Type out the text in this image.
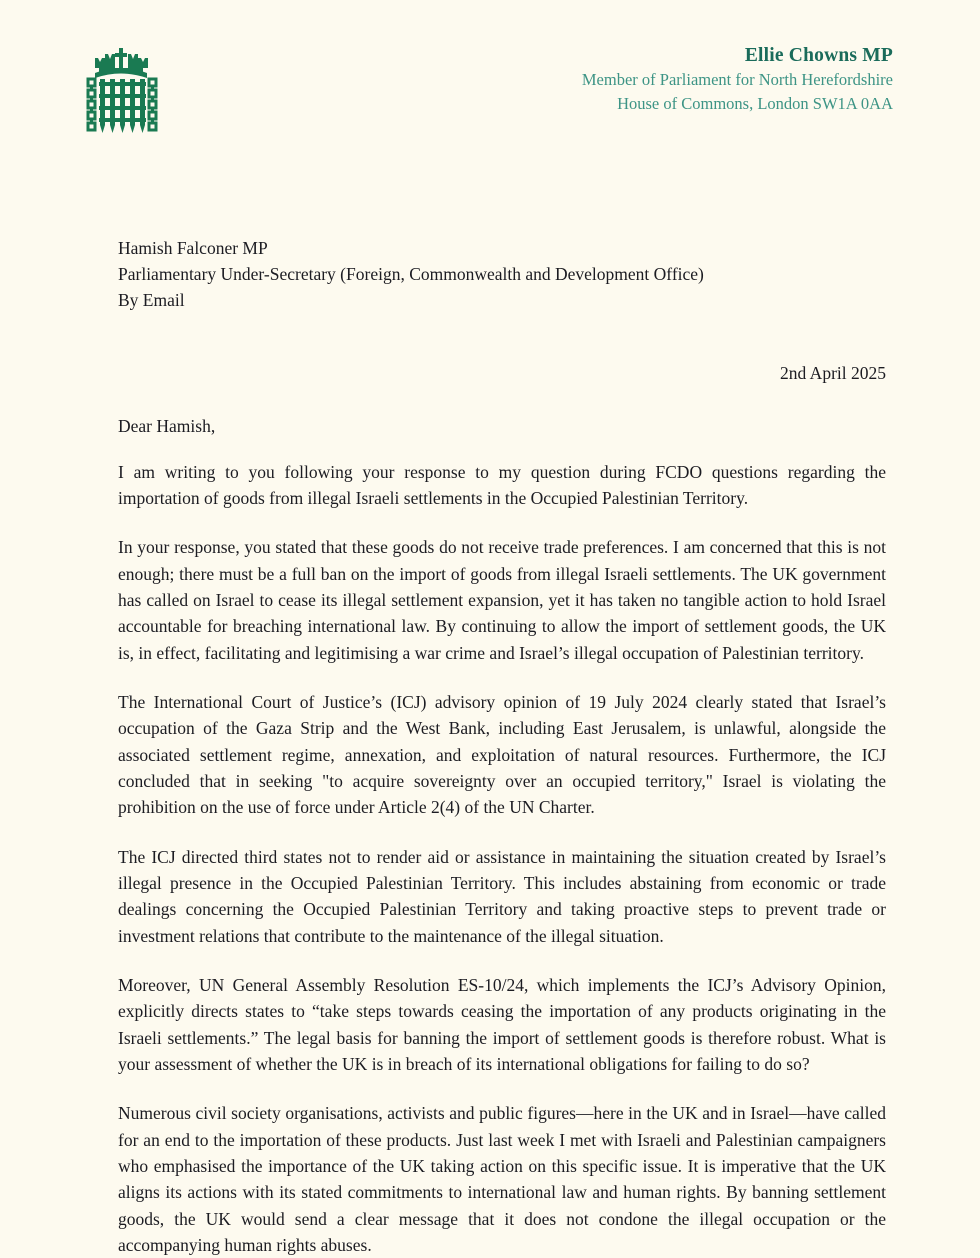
Ellie Chowns MP
Member of Parliament for North Herefordshire
House of Commons, London SW1A 0AA
Hamish Falconer MP
Parliamentary Under-Secretary (Foreign, Commonwealth and Development Office)
By Email
2nd April 2025
Dear Hamish,

I am writing to you following your response to my question during FCDO questions regarding the importation of goods from illegal Israeli settlements in the Occupied Palestinian Territory.

In your response, you stated that these goods do not receive trade preferences. I am concerned that this is not enough; there must be a full ban on the import of goods from illegal Israeli settlements. The UK government has called on Israel to cease its illegal settlement expansion, yet it has taken no tangible action to hold Israel accountable for breaching international law. By continuing to allow the import of settlement goods, the UK is, in effect, facilitating and legitimising a war crime and Israel’s illegal occupation of Palestinian territory.

The International Court of Justice’s (ICJ) advisory opinion of 19 July 2024 clearly stated that Israel’s occupation of the Gaza Strip and the West Bank, including East Jerusalem, is unlawful, alongside the associated settlement regime, annexation, and exploitation of natural resources. Furthermore, the ICJ concluded that in seeking "to acquire sovereignty over an occupied territory," Israel is violating the prohibition on the use of force under Article 2(4) of the UN Charter.

The ICJ directed third states not to render aid or assistance in maintaining the situation created by Israel’s illegal presence in the Occupied Palestinian Territory. This includes abstaining from economic or trade dealings concerning the Occupied Palestinian Territory and taking proactive steps to prevent trade or investment relations that contribute to the maintenance of the illegal situation.

Moreover, UN General Assembly Resolution ES-10/24, which implements the ICJ’s Advisory Opinion, explicitly directs states to “take steps towards ceasing the importation of any products originating in the Israeli settlements.” The legal basis for banning the import of settlement goods is therefore robust. What is your assessment of whether the UK is in breach of its international obligations for failing to do so?

Numerous civil society organisations, activists and public figures—here in the UK and in Israel—have called for an end to the importation of these products. Just last week I met with Israeli and Palestinian campaigners who emphasised the importance of the UK taking action on this specific issue. It is imperative that the UK aligns its actions with its stated commitments to international law and human rights. By banning settlement goods, the UK would send a clear message that it does not condone the illegal occupation or the accompanying human rights abuses.
